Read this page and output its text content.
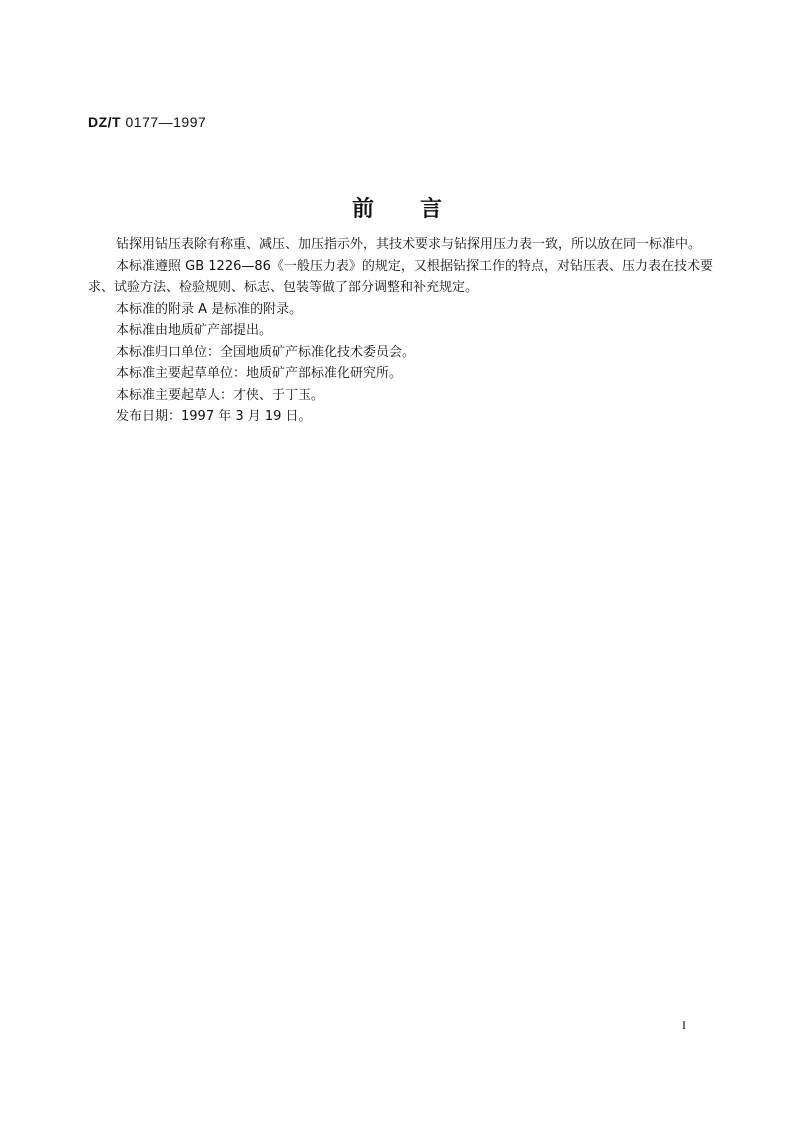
DZ/T 0177—1997
前言

钻探用钻压表除有称重、减压、加压指示外，其技术要求与钻探用压力表一致，所以放在同一标准中。

本标准遵照 GB 1226—86《一般压力表》的规定，又根据钻探工作的特点，对钻压表、压力表在技术要求、试验方法、检验规则、标志、包装等做了部分调整和补充规定。

本标准的附录 A 是标准的附录。

本标准由地质矿产部提出。

本标准归口单位：全国地质矿产标准化技术委员会。

本标准主要起草单位：地质矿产部标准化研究所。

本标准主要起草人：才侠、于丁玉。

发布日期：1997 年 3 月 19 日。

I
